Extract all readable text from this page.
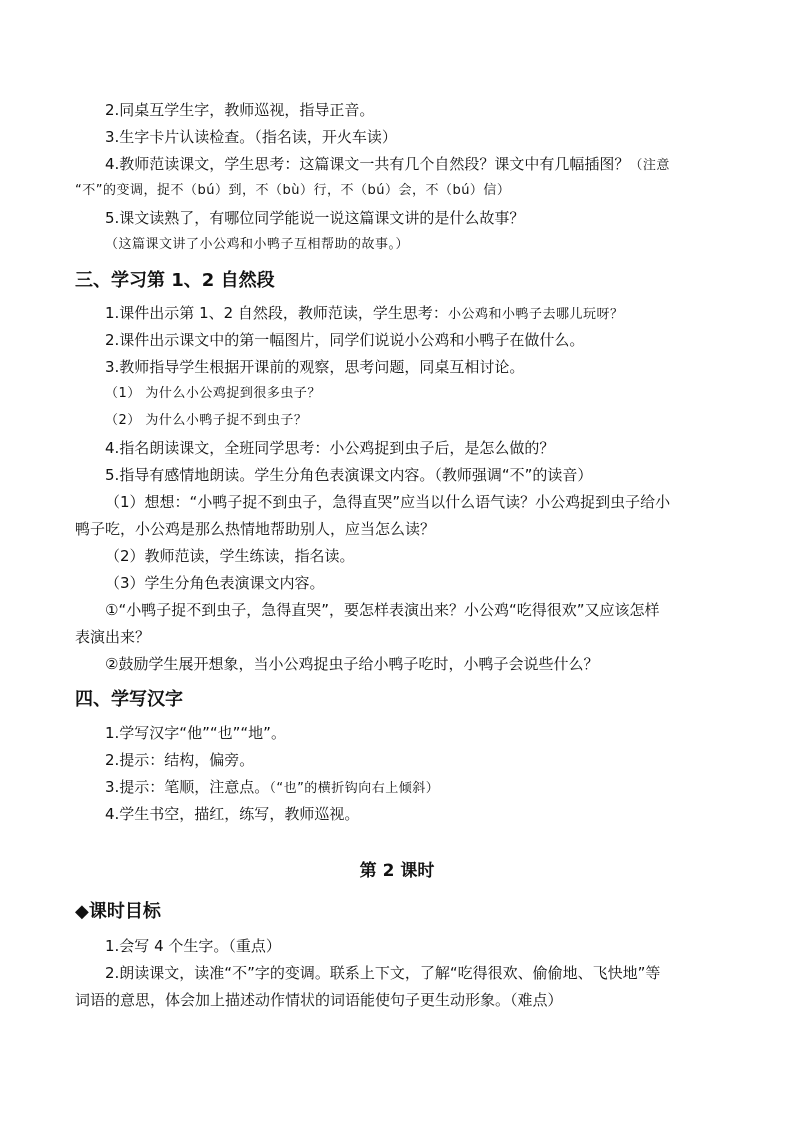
2.同桌互学生字，教师巡视，指导正音。
3.生字卡片认读检查。（指名读，开火车读）
4.教师范读课文，学生思考：这篇课文一共有几个自然段？课文中有几幅插图？（注意
“不”的变调，捉不（bú）到，不（bù）行，不（bú）会，不（bú）信）
5.课文读熟了，有哪位同学能说一说这篇课文讲的是什么故事？
（这篇课文讲了小公鸡和小鸭子互相帮助的故事。）
三、学习第 1、2 自然段
1.课件出示第 1、2 自然段，教师范读，学生思考：小公鸡和小鸭子去哪儿玩呀？
2.课件出示课文中的第一幅图片，同学们说说小公鸡和小鸭子在做什么。
3.教师指导学生根据开课前的观察，思考问题，同桌互相讨论。
（1） 为什么小公鸡捉到很多虫子？
（2） 为什么小鸭子捉不到虫子？
4.指名朗读课文，全班同学思考：小公鸡捉到虫子后，是怎么做的？
5.指导有感情地朗读。学生分角色表演课文内容。（教师强调“不”的读音）
（1）想想：“小鸭子捉不到虫子，急得直哭”应当以什么语气读？小公鸡捉到虫子给小
鸭子吃，小公鸡是那么热情地帮助别人，应当怎么读？
（2）教师范读，学生练读，指名读。
（3）学生分角色表演课文内容。
①“小鸭子捉不到虫子，急得直哭”，要怎样表演出来？小公鸡“吃得很欢”又应该怎样
表演出来？
②鼓励学生展开想象，当小公鸡捉虫子给小鸭子吃时，小鸭子会说些什么？
四、学写汉字
1.学写汉字“他”“也”“地”。
2.提示：结构，偏旁。
3.提示：笔顺，注意点。（“也”的横折钩向右上倾斜）
4.学生书空，描红，练写，教师巡视。
第 2 课时
◆课时目标
1.会写 4 个生字。（重点）
2.朗读课文，读准“不”字的变调。联系上下文，了解“吃得很欢、偷偷地、飞快地”等
词语的意思，体会加上描述动作情状的词语能使句子更生动形象。（难点）
